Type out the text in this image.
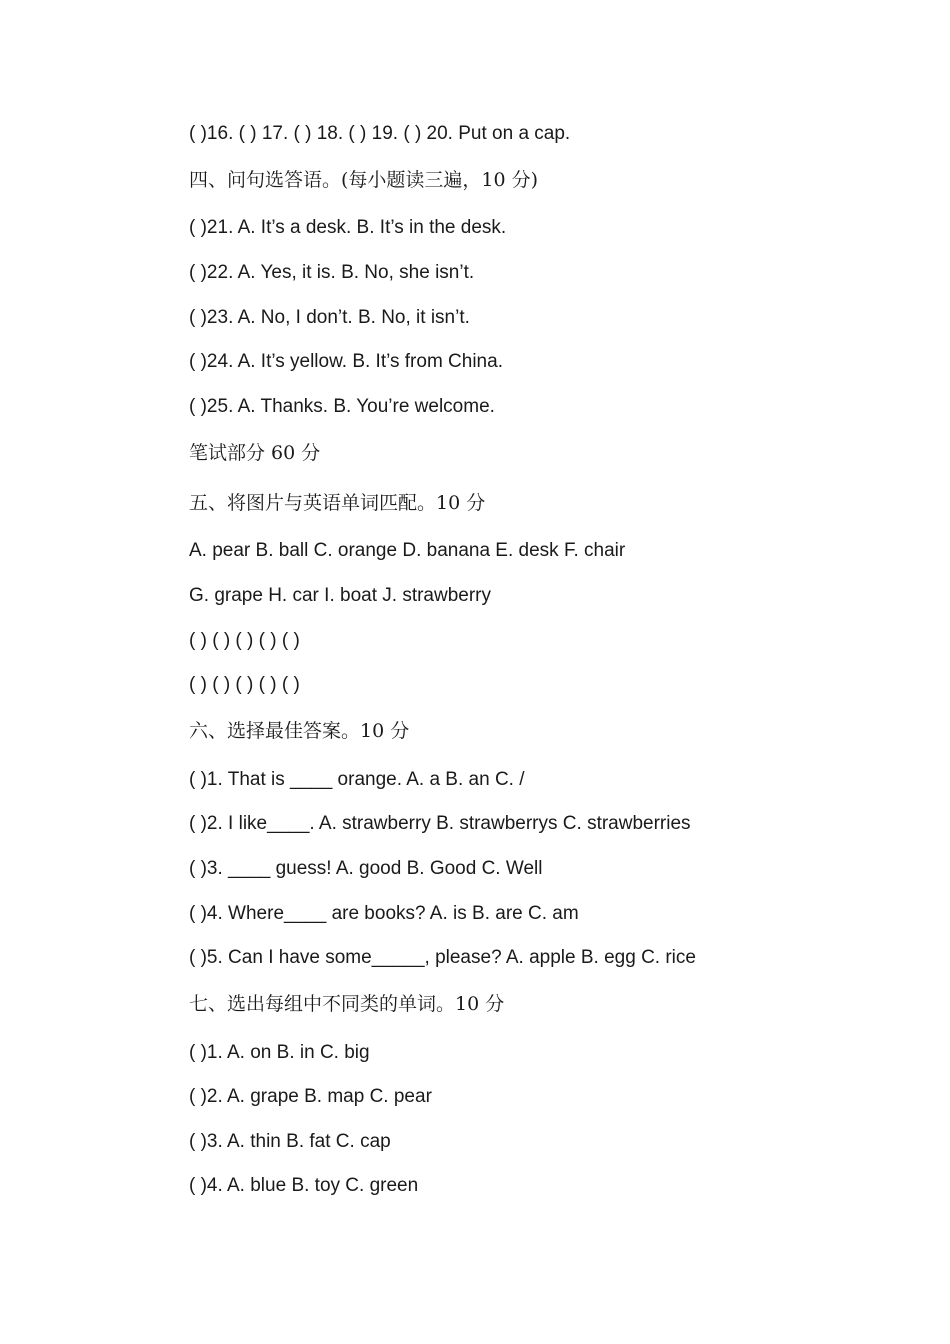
( )16. ( ) 17. ( ) 18. ( ) 19. ( ) 20. Put on a cap.
四、问句选答语。(每小题读三遍，10 分)
( )21. A. It’s a desk. B. It’s in the desk.
( )22. A. Yes, it is. B. No, she isn’t.
( )23. A. No, I don’t. B. No, it isn’t.
( )24. A. It’s yellow. B. It’s from China.
( )25. A. Thanks. B. You’re welcome.
笔试部分 60 分
五、将图片与英语单词匹配。10 分
A. pear B. ball C. orange D. banana E. desk F. chair
G. grape H. car I. boat J. strawberry
( ) ( ) ( ) ( ) ( )
( ) ( ) ( ) ( ) ( )
六、选择最佳答案。10 分
( )1. That is ____ orange. A. a B. an C. /
( )2. I like____. A. strawberry B. strawberrys C. strawberries
( )3. ____ guess! A. good B. Good C. Well
( )4. Where____ are books? A. is B. are C. am
( )5. Can I have some_____, please? A. apple B. egg C. rice
七、选出每组中不同类的单词。10 分
( )1. A. on B. in C. big
( )2. A. grape B. map C. pear
( )3. A. thin B. fat C. cap
( )4. A. blue B. toy C. green
